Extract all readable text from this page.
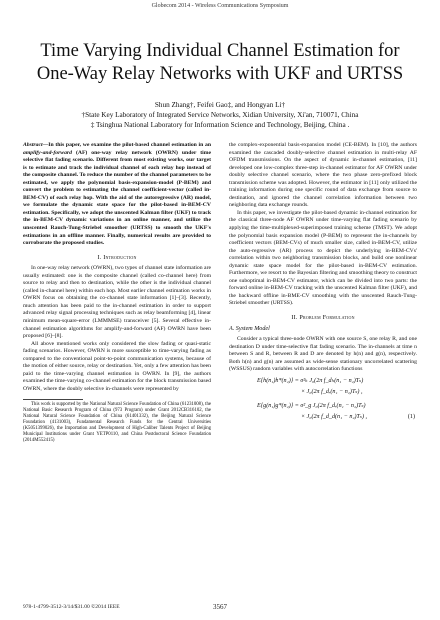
Globecom 2014 - Wireless Communications Symposium
Time Varying Individual Channel Estimation for One-Way Relay Networks with UKF and URTSS
Shun Zhang†, Feifei Gao‡, and Hongyan Li†
†State Key Laboratory of Integrated Service Networks, Xidian University, Xi'an, 710071, China
‡ Tsinghua National Laboratory for Information Science and Technology, Beijing, China .

Abstract—In this paper, we examine the pilot-based channel estimation in an amplify-and-forward (AF) one-way relay network (OWRN) under time selective flat fading scenario. Different from most existing works, our target is to estimate and track the individual channel of each relay hop instead of the composite channel. To reduce the number of the channel parameters to be estimated, we apply the polynomial basis-expansion-model (P-BEM) and convert the problem to estimating the channel coefficient-vector (called in-BEM-CV) of each relay hop. With the aid of the autoregressive (AR) model, we formulate the dynamic state space for the pilot-based in-BEM-CV estimation. Specifically, we adopt the unscented Kalman filter (UKF) to track the in-BEM-CV dynamic variations in an online manner, and utilize the unscented Rauch-Tung-Striebel smoother (URTSS) to smooth the UKF's estimations in an offline manner. Finally, numerical results are provided to corroborate the proposed studies.

I. Introduction

In one-way relay network (OWRN), two types of channel state information are usually estimated: one is the composite channel (called co-channel here) from source to relay and then to destination, while the other is the individual channel (called in-channel here) within each hop. Most earlier channel estimation works in OWRN focus on obtaining the co-channel state information [1]–[3]. Recently, much attention has been paid to the in-channel estimation in order to support advanced relay signal processing techniques such as relay beamforming [4], linear minimum mean-square-error (LMMMSE) transceiver [5]. Several effective in-channel estimation algorithms for amplify-and-forward (AF) OWRN have been proposed [6]–[8].

All above mentioned works only considered the slow fading or quasi-static fading scenarios. However, OWRN is more susceptible to time-varying fading as compared to the conventional point-to-point communication systems, because of the motion of either source, relay or destination. Yet, only a few attention has been paid to the time-varying channel estimation in OWRN. In [9], the authors examined the time-varying co-channel estimation for the block transmission based OWRN, where the doubly selective in-channels were represented by

This work is supported by the National Natural Science Foundation of China (61231008), the National Basic Research Program of China (973 Program) under Grant 2012CB316102, the National Natural Science Foundation of China (61401332), the Beijing Natural Science Foundation (4131003), Fundamental Research Funds for the Central Universities (K5051399026), the Importation and Development of High-Caliber Talents Project of Beijing Municipal Institutions under Grant YETP0110, and China Postdoctoral Science Foundation (2014M552415)

the complex-exponential basis-expansion model (CE-BEM). In [10], the authors examined the cascaded doubly-selective channel estimation in multi-relay AF OFDM transmissions. On the aspect of dynamic in-channel estimation, [11] developed one low-complex three-step in-channel estimator for AF OWRN under doubly selective channel scenario, where the two phase zero-prefixed block transmission scheme was adopted. However, the estimator in [11] only utilized the training information during one specific round of data exchange from source to destination, and ignored the channel correlation information between two neighboring data exchange rounds.

In this paper, we investigate the pilot-based dynamic in-channel estimation for the classical three-node AF OWRN under time-varying flat fading scenario by applying the time-multiplexed-superimposed training scheme (TMST). We adopt the polynomial basis expansion model (P-BEM) to represent the in-channels by coefficient vectors (BEM-CVs) of much smaller size, called in-BEM-CV, utilize the auto-regressive (AR) process to depict the underlying in-BEM-CVs' correlation within two neighboring transmission blocks, and build one nonlinear dynamic state space model for the pilot-based in-BEM-CV estimation. Furthermore, we resort to the Bayesian filtering and smoothing theory to construct one suboptimal in-BEM-CV estimator, which can be divided into two parts: the forward online in-BEM-CV tracking with the unscented Kalman filter (UKF), and the backward offline in-BME-CV smoothing with the unscented Rauch-Tung-Striebel smoother (URTSS).

II. Problem Formulation
A. System Model

Consider a typical three-node OWRN with one source S, one relay R, and one destination D under time-selective flat fading scenario. The in-channels at time n between S and R, between R and D are denoted by h(n) and g(n), respectively. Both h(n) and g(n) are assumed as wide-sense stationary uncorrelated scattering (WSSUS) random variables with autocorrelation functions

E{h(n₁)h*(n₂)} = σ²ₕ J₀(2π f_dₕ(n₁ − n₂)Tₛ)
× J₀(2π f_dᵣ(n₁ − n₂)Tₛ) ,
E{g(n₁)g*(n₂)} = σ²_g J₀(2π f_dᵣ(n₁ − n₂)Tₛ)
× J₀(2π f_d_d(n₁ − n₂)Tₛ) ,	(1)
978-1-4799-3512-3/14/$31.00 ©2014 IEEE	3567
